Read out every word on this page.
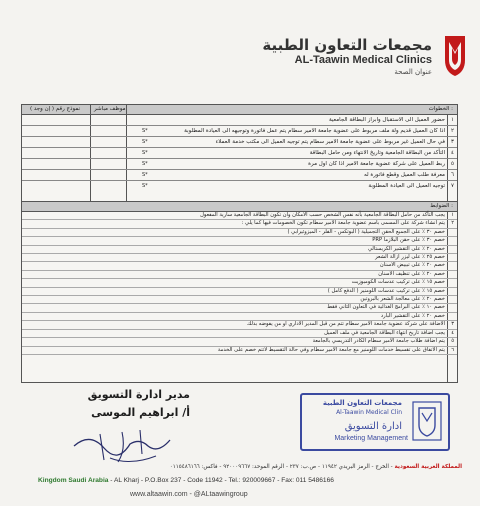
مجمعات التعاون الطبية
AL-Taawin Medical Clinics
عنوان الصحة
الخطوات :
موظف مباشر
نموذج رقم ( إن وجد )
١
حضور العميل الى الاستقبال وابراز البطاقة الجامعية
٢
اذا كان العميل قديم ولة ملف مربوط على عضوية جامعة الامير سطام يتم عمل فاتورة وتوجيهه الى العيادة المطلوبة
S*
٣
في حال العميل غير مربوط على عضوية جامعة الامير سطام يتم توجيه العميل الى مكتب خدمة العملاء
S*
٤
التأكد من البطاقة الجامعية وتاريخ الانتهاء ومن حامل البطاقة
S*
٥
ربط العميل على شركة عضوية جامعة الامير اذا كان اول مرة
S*
٦
معرفة طلب العميل وقطع فاتورة له
S*
٧
توجيه العميل الى العيادة المطلوبة
S*
الضوابط :
١
يجب التأكد من حامل البطاقة الجامعية بأنه نفس الشخص حسب الامكان وان تكون البطاقة الجامعية سارية المفعول
٢
يتم انشاء شركة على المسمى باسم عضوية جامعة الامير سطام تكون الخصومات فيها كما يلي :
خصم ٣٠ ٪ على الجميع الحقن التجميلية ( البوتكس - الفلر - الميزوثيرابي )
خصم ٣٠ ٪ على حقن البلازما PRP
خصم ٢٠ ٪ على التقشير الكريستالي
خصم ٢٥ ٪ على ليزر ازالة الشعر
خصم ٢٠ ٪ على تبييض الاسنان
خصم ٢٠ ٪ على تنظيف الاسنان
خصم ١٥ ٪ على تركيب عدسات الكومبوزيت
خصم ١٥ ٪ على تركيب عدسات اللومنير ( الدفع كامل )
خصم ٢٠ ٪ على معالجة الشعر بالبروتين
خصم ١٠ ٪ على البرامج الغذائية في التعاون الثاني فقط
خصم ٢٠ ٪ على التقشير البارد
٣
الاضافة على شركة عضوية جامعة الامير سطام تتم من قبل المدير الاداري او من يفوضه بذلك
٤
يجب اضافة تاريخ انتهاء البطاقة الجامعية في ملف العميل
٥
يتم اضافة طلاب جامعة الامير سطام الكادر التدريسي بالجامعة
٦
يتم الاتفاق على تقسيط خدمات اللومنير مع جامعة الامير سطام وفي حالة التقسيط لاتتم خصم على الخدمة
مدير ادارة التسويق
أ/ ابراهيم الموسى
مجمعات التعاون الطبية
Al-Taawin Medical Clin
ادارة التسويق
Marketing Management
المملكة العربية السعودية - الخرج - الرمز البريدي ١١٩٤٢ - ص.ب: ٢٣٧ - الرقم الموحد: ٩٢٠٠٠٩٦٦٧ - فاكس: ٠١١٥٤٨٦١٦٦
Kingdom Saudi Arabia - AL Kharj - P.O.Box 237 - Code 11942 - Tel.: 920009667 - Fax: 011 5486166
www.altaawin.com - @ALtaawingroup
